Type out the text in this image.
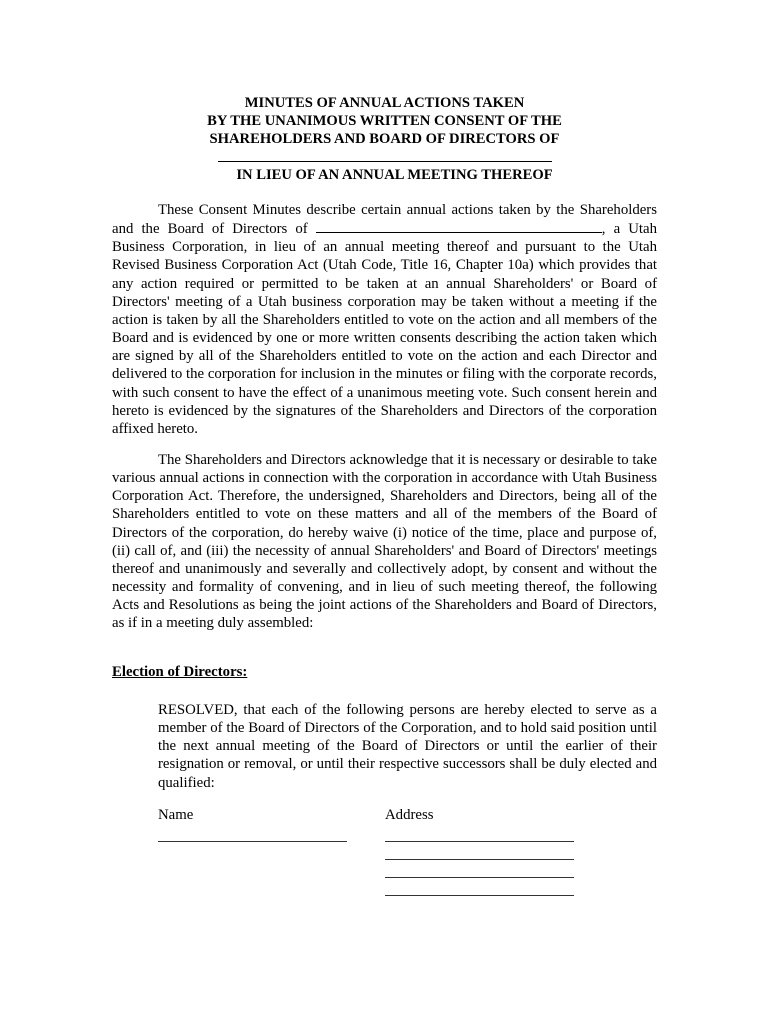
MINUTES OF ANNUAL ACTIONS TAKEN
BY THE UNANIMOUS WRITTEN CONSENT OF THE
SHAREHOLDERS AND BOARD OF DIRECTORS OF
IN LIEU OF AN ANNUAL MEETING THEREOF
These Consent Minutes describe certain annual actions taken by the Shareholders and the Board of Directors of	, a Utah Business Corporation, in lieu of an annual meeting thereof and pursuant to the Utah Revised Business Corporation Act (Utah Code, Title 16, Chapter 10a) which provides that any action required or permitted to be taken at an annual Shareholders' or Board of Directors' meeting of a Utah business corporation may be taken without a meeting if the action is taken by all the Shareholders entitled to vote on the action and all members of the Board and is evidenced by one or more written consents describing the action taken which are signed by all of the Shareholders entitled to vote on the action and each Director and delivered to the corporation for inclusion in the minutes or filing with the corporate records, with such consent to have the effect of a unanimous meeting vote. Such consent herein and hereto is evidenced by the signatures of the Shareholders and Directors of the corporation affixed hereto.
The Shareholders and Directors acknowledge that it is necessary or desirable to take various annual actions in connection with the corporation in accordance with Utah Business Corporation Act. Therefore, the undersigned, Shareholders and Directors, being all of the Shareholders entitled to vote on these matters and all of the members of the Board of Directors of the corporation, do hereby waive (i) notice of the time, place and purpose of, (ii) call of, and (iii) the necessity of annual Shareholders' and Board of Directors' meetings thereof and unanimously and severally and collectively adopt, by consent and without the necessity and formality of convening, and in lieu of such meeting thereof, the following Acts and Resolutions as being the joint actions of the Shareholders and Board of Directors, as if in a meeting duly assembled:
Election of Directors:
RESOLVED, that each of the following persons are hereby elected to serve as a member of the Board of Directors of the Corporation, and to hold said position until the next annual meeting of the Board of Directors or until the earlier of their resignation or removal, or until their respective successors shall be duly elected and qualified:
Name	Address
